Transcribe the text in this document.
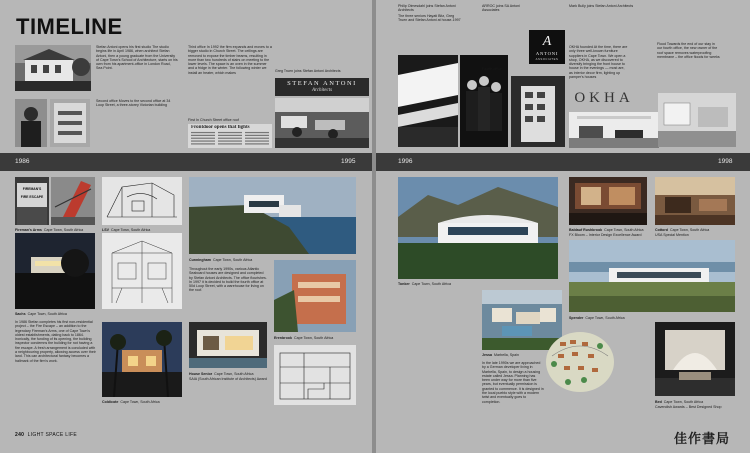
TIMELINE
Stefan Antoni opens his first studio The studio begins life in April 1986, when architect Stefan Antoni, then a young graduate from the University of Cape Town's School of Architecture, starts on his own from his apartment-office in London Road, Sea Point.
Second office Moves to the second office at 34 Loop Street, a three-storey Victorian building
Third office In 1992 the firm expands and moves to a bigger studio in Church Street. The ceilings are removed to expose the timber beams, resulting in more than two hundreds of stairs on meeting to the lower levels. The space is an oven in the summer and a fridge in the winter. The following winter we install an heater, which makes
First In Church Street office roof
Frontdoor opens that fights
Greg Truen joins Stefan Antoni Architects
STEFAN ANTONI
Architects
1986	1995
FIREMAN'S
FIRE ESCAPE
Fireman's Arms Cape Town, South Africa	LSV Cape Town, South Africa
Cunningham Cape Town, South Africa
Throughout the early 1990s, various Atlantic Seaboard houses are designed and completed by Stefan Antoni Architects. The office flourishes. In 1997 it is decided to build the fourth office at 50d Loop Street, with a warehouse for living on the roof.
Sachs Cape Town, South Africa
In 1986 Stefan completes his first non-residential project – the Fire Escape – an addition to the legendary Fireman's Arms, one of Cape Town's oldest establishments, dating back to 1864. Ironically, the funding of its opening, the building inspector condemns the building for not having a fire escape. A fresh arrangement is concluded with a neighbouring property, allowing access over their land. This can architectural fantasy becomes a hallmark of the firm's work.
Erenbrook Cape Town, South Africa
Coldicote Cape Town, South Africa
House Senior Cape Town, South Africa
SAIA (South African Institute of Architects) Award
240 LIGHT SPACE LIFE
Philip Olmesdahl joins Stefan Antoni Architects
The three seniors Hayati Bitz, Greg Truen and Stefan Antoni at house-1997
ARROC joins SA Antoni Associates
A
ANTONI
ASSOCIATES
Fourth office
Mark Bully joins Stefan Antoni Architects
OKHA founded At the time, there are only three well-known furniture suppliers in Cape Town. We open a shop, OKHA, as we discovered to diversify bringing the front house to house in the evenings — most are, as interior decor firm, lighting up pamper's houses
OKHA
Flood Towards the end of our stay in our fourth office, the new owner of the roof space removes waterproofing membrane – the office floods for weeks
1996	1998
Tonker Cape Town, South Africa
Baldauf Rushbrook Cape Town, South Africa
FX Bloom – Interior Design Excellence Award
Cottord Cape Town, South Africa
USA Special Mention
Spender Cape Town, South Africa
Jessa Marbella, Spain
In the late 1990s we are approached by a German developer living in Marbella, Spain, to design a housing estate called Jessa. Planning has been under way for more than five years, but eventually permission is granted to commence. It is designed in the local pueblo style with a modern twist and eventually goes to completion.	Bed Cape Town, South Africa
Cavendish Awards – Best Designed Shop
佳作書局
